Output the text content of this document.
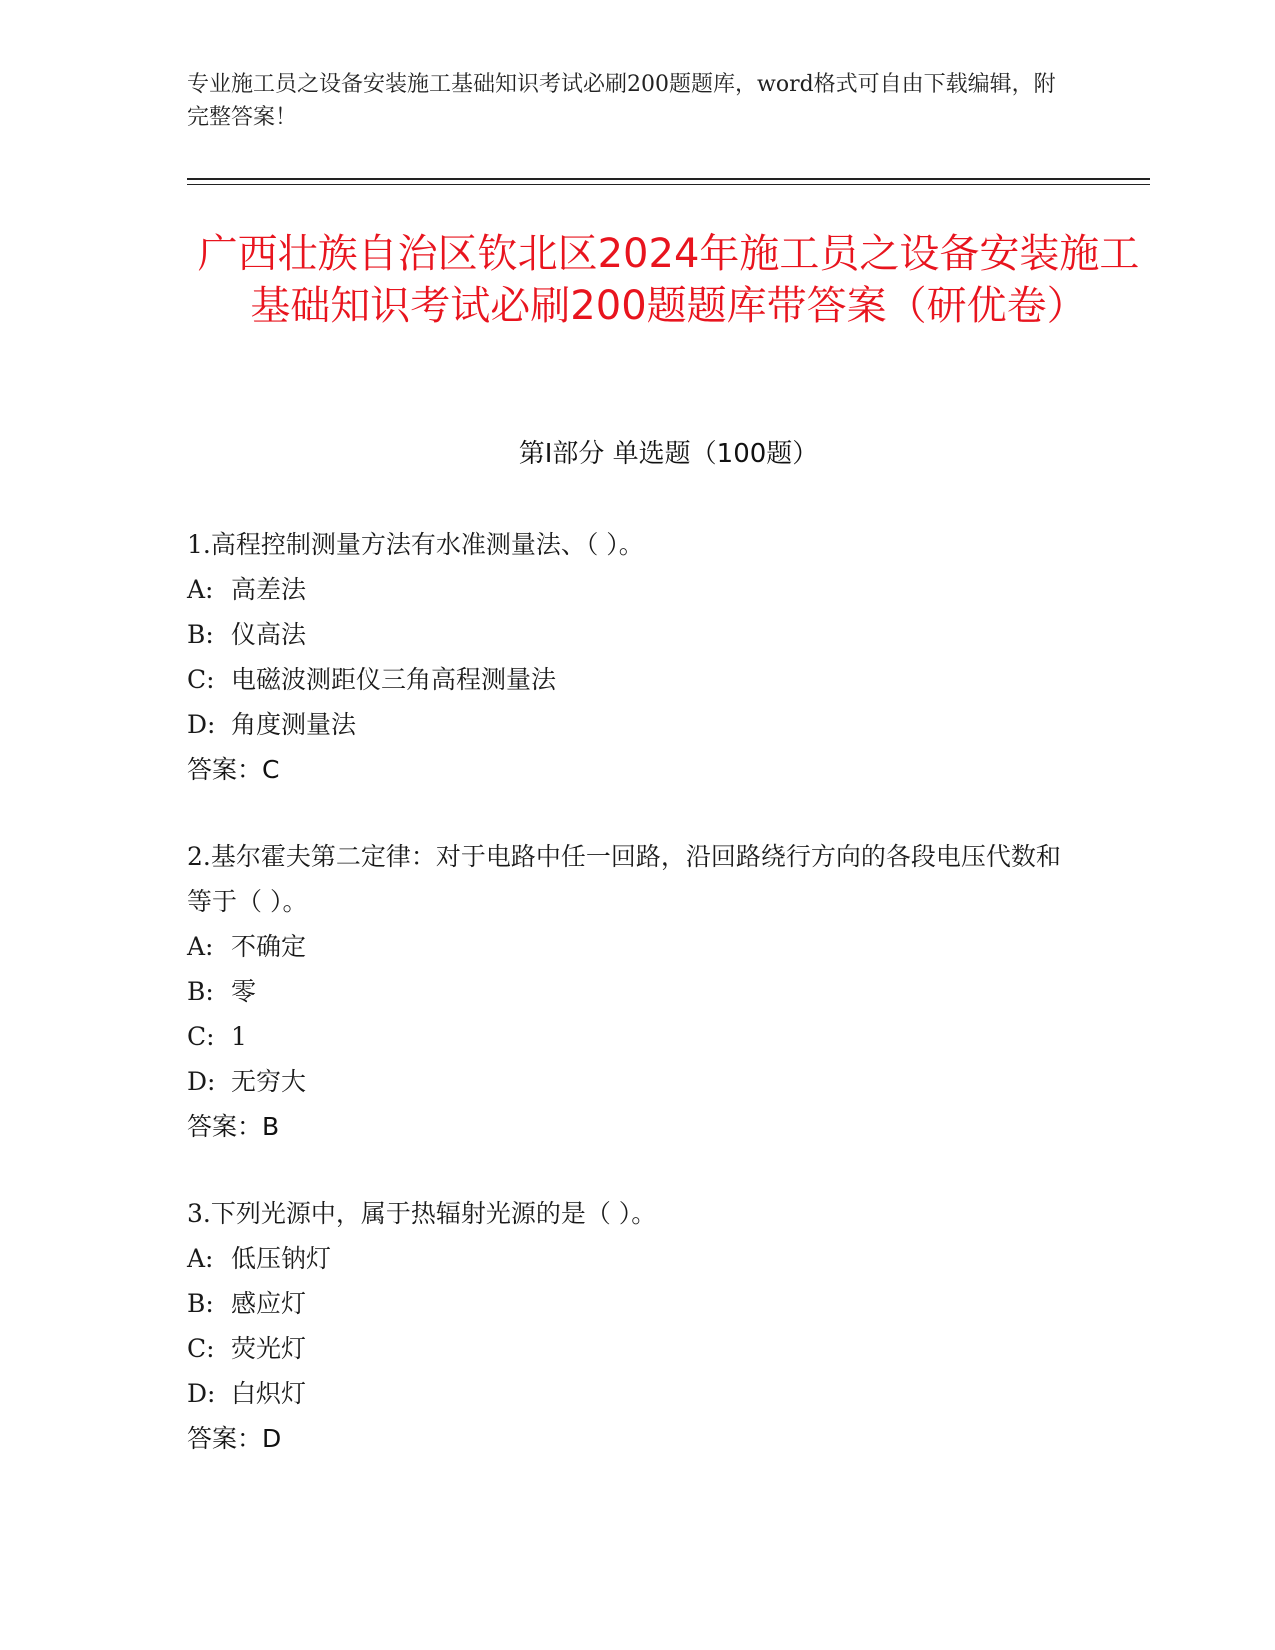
专业施工员之设备安装施工基础知识考试必刷200题题库，word格式可自由下载编辑，附完整答案！
广西壮族自治区钦北区2024年施工员之设备安装施工基础知识考试必刷200题题库带答案（研优卷）
第I部分 单选题（100题）
1.高程控制测量方法有水准测量法、（ ）。
A: 高差法
B: 仪高法
C: 电磁波测距仪三角高程测量法
D: 角度测量法
答案：C
2.基尔霍夫第二定律：对于电路中任一回路，沿回路绕行方向的各段电压代数和等于（ ）。
A: 不确定
B: 零
C: 1
D: 无穷大
答案：B
3.下列光源中，属于热辐射光源的是（ ）。
A: 低压钠灯
B: 感应灯
C: 荧光灯
D: 白炽灯
答案：D
